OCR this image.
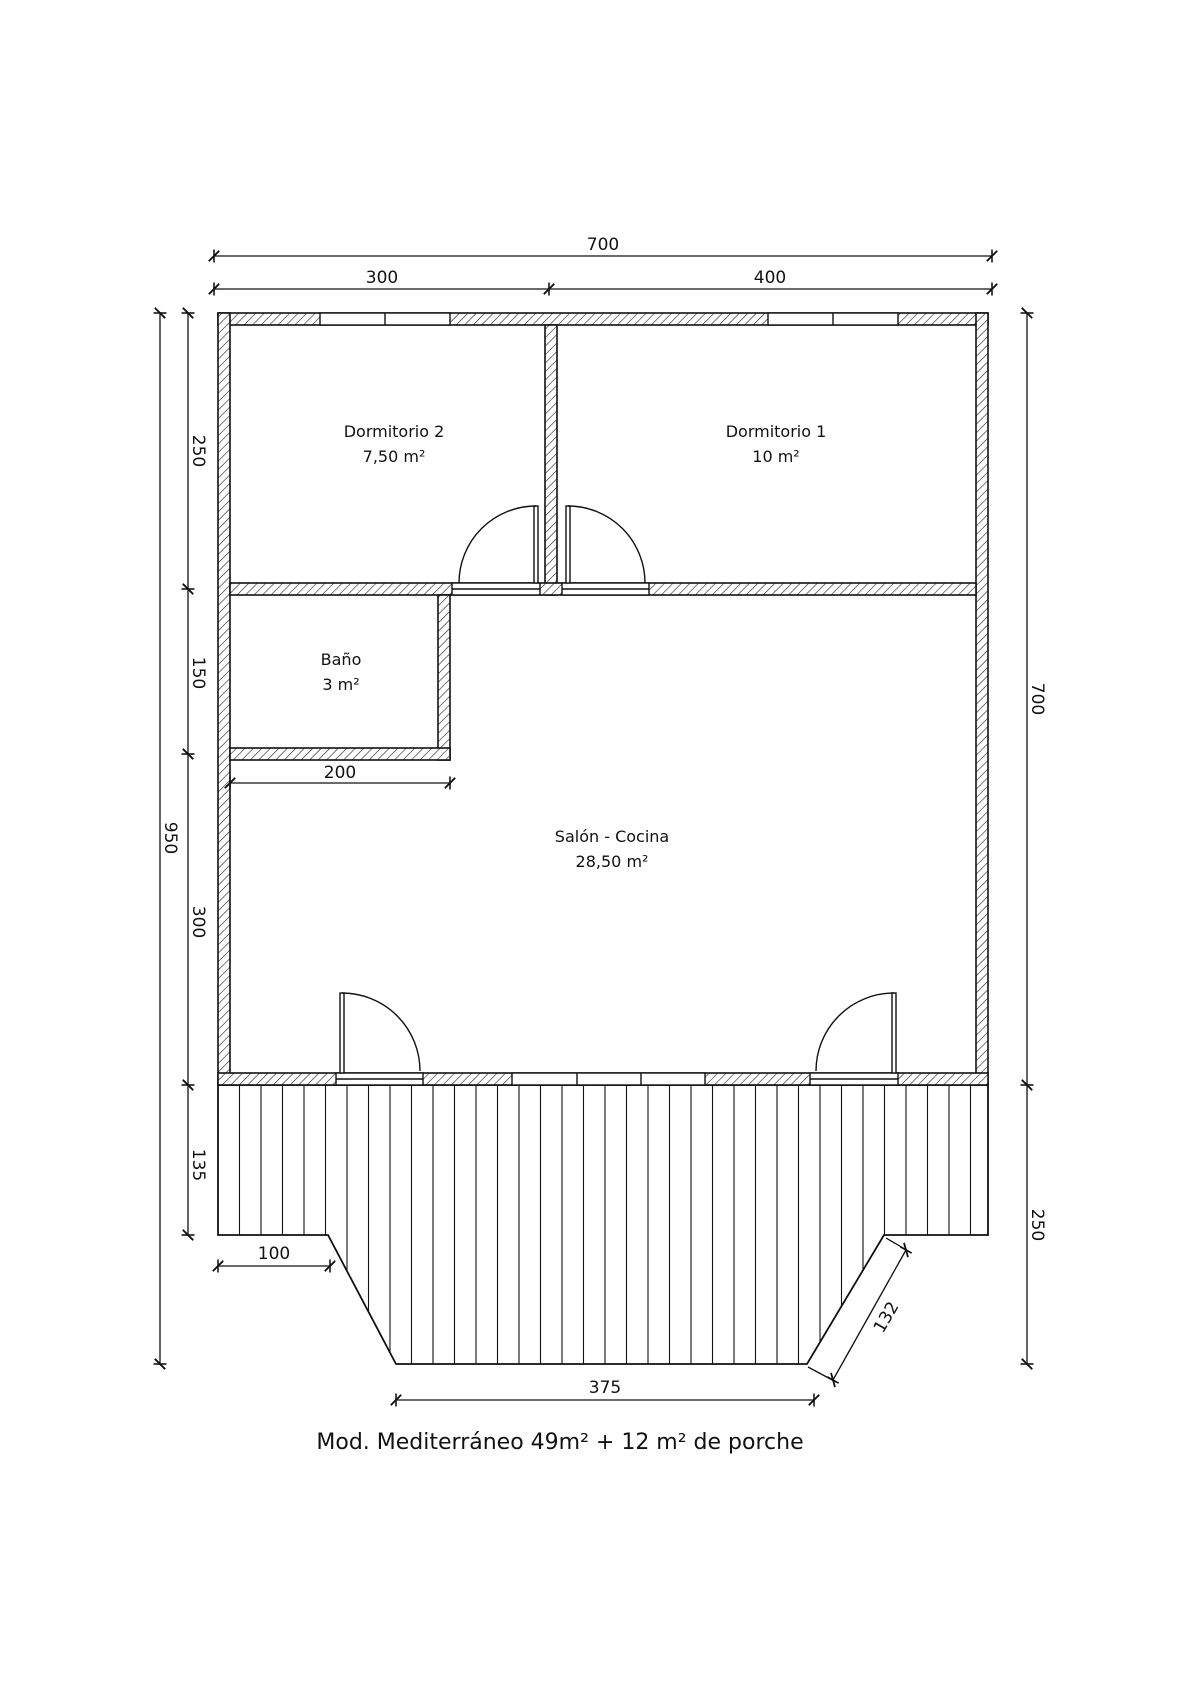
700
300	400
250
150
300
135
950
200
700
250
100
375
132
Dormitorio 2
7,50 m²
Dormitorio 1
10 m²
Baño
3 m²
Salón - Cocina
28,50 m²
Mod. Mediterráneo 49m² + 12 m² de porche
